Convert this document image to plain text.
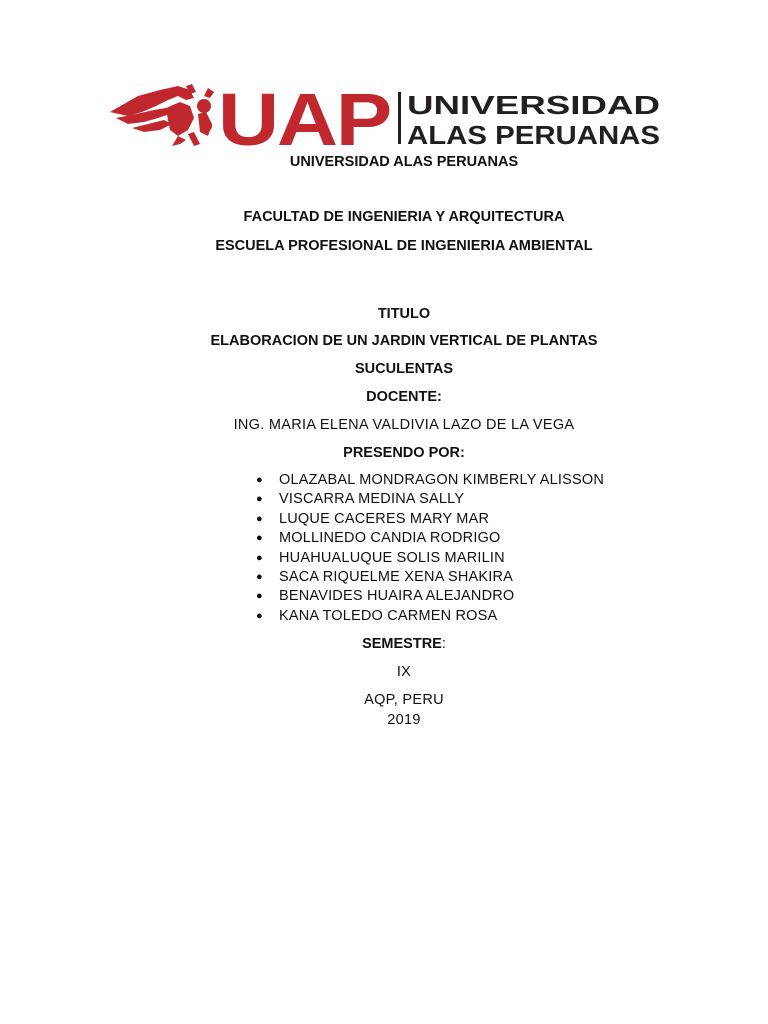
UAP UNIVERSIDAD
ALAS PERUANAS
UNIVERSIDAD ALAS PERUANAS
FACULTAD DE INGENIERIA Y ARQUITECTURA
ESCUELA PROFESIONAL DE INGENIERIA AMBIENTAL
TITULO
ELABORACION DE UN JARDIN VERTICAL DE PLANTAS
SUCULENTAS
DOCENTE:
ING. MARIA ELENA VALDIVIA LAZO DE LA VEGA
PRESENDO POR:
● OLAZABAL MONDRAGON KIMBERLY ALISSON
● VISCARRA MEDINA SALLY
● LUQUE CACERES MARY MAR
● MOLLINEDO CANDIA RODRIGO
● HUAHUALUQUE SOLIS MARILIN
● SACA RIQUELME XENA SHAKIRA
● BENAVIDES HUAIRA ALEJANDRO
● KANA TOLEDO CARMEN ROSA
SEMESTRE:
IX
AQP, PERU
2019
